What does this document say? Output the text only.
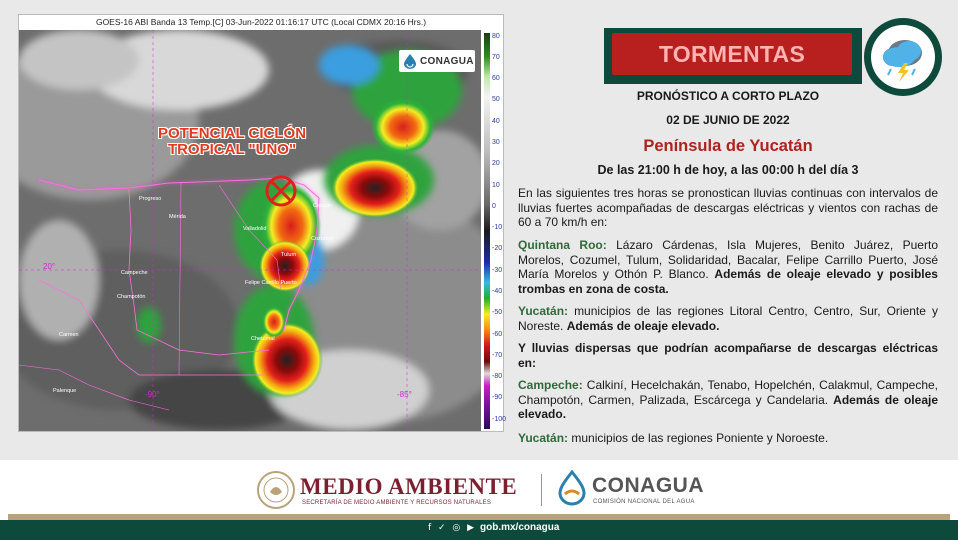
GOES-16 ABI Banda 13 Temp.[C] 03-Jun-2022 01:16:17 UTC (Local CDMX 20:16 Hrs.)
CONAGUA
POTENCIAL CICLÓN
TROPICAL "UNO"
Progreso
Mérida
Valladolid
Cancún
Cozumel
Tulum
Campeche
Champotón
Carmen
Chetumal
Palenque
Felipe Carrillo Puerto
20°
-90°	-85°
80
70
60
50
40
30
20
10
0
-10
-20
-30
-40
-50
-60
-70
-80
-90
-100
TORMENTAS
PRONÓSTICO A CORTO PLAZO
02 DE JUNIO DE 2022
Península de Yucatán
De las 21:00 h de hoy, a las 00:00 h del día 3
En las siguientes tres horas se pronostican lluvias continuas con intervalos de lluvias fuertes acompañadas de descargas eléctricas y vientos con rachas de 60 a 70 km/h en:
Quintana Roo: Lázaro Cárdenas, Isla Mujeres, Benito Juárez, Puerto Morelos, Cozumel, Tulum, Solidaridad, Bacalar, Felipe Carrillo Puerto, José María Morelos y Othón P. Blanco. Además de oleaje elevado y posibles trombas en zona de costa.
Yucatán: municipios de las regiones Litoral Centro, Centro, Sur, Oriente y Noreste. Además de oleaje elevado.
Y lluvias dispersas que podrían acompañarse de descargas eléctricas en:
Campeche: Calkiní, Hecelchakán, Tenabo, Hopelchén, Calakmul, Campeche, Champotón, Carmen, Palizada, Escárcega y Candelaria. Además de oleaje elevado.
Yucatán: municipios de las regiones Poniente y Noroeste.
MEDIO AMBIENTE
SECRETARÍA DE MEDIO AMBIENTE Y RECURSOS NATURALES
CONAGUA
COMISIÓN NACIONAL DEL AGUA
f ✓ ◎ ▶ gob.mx/conagua
